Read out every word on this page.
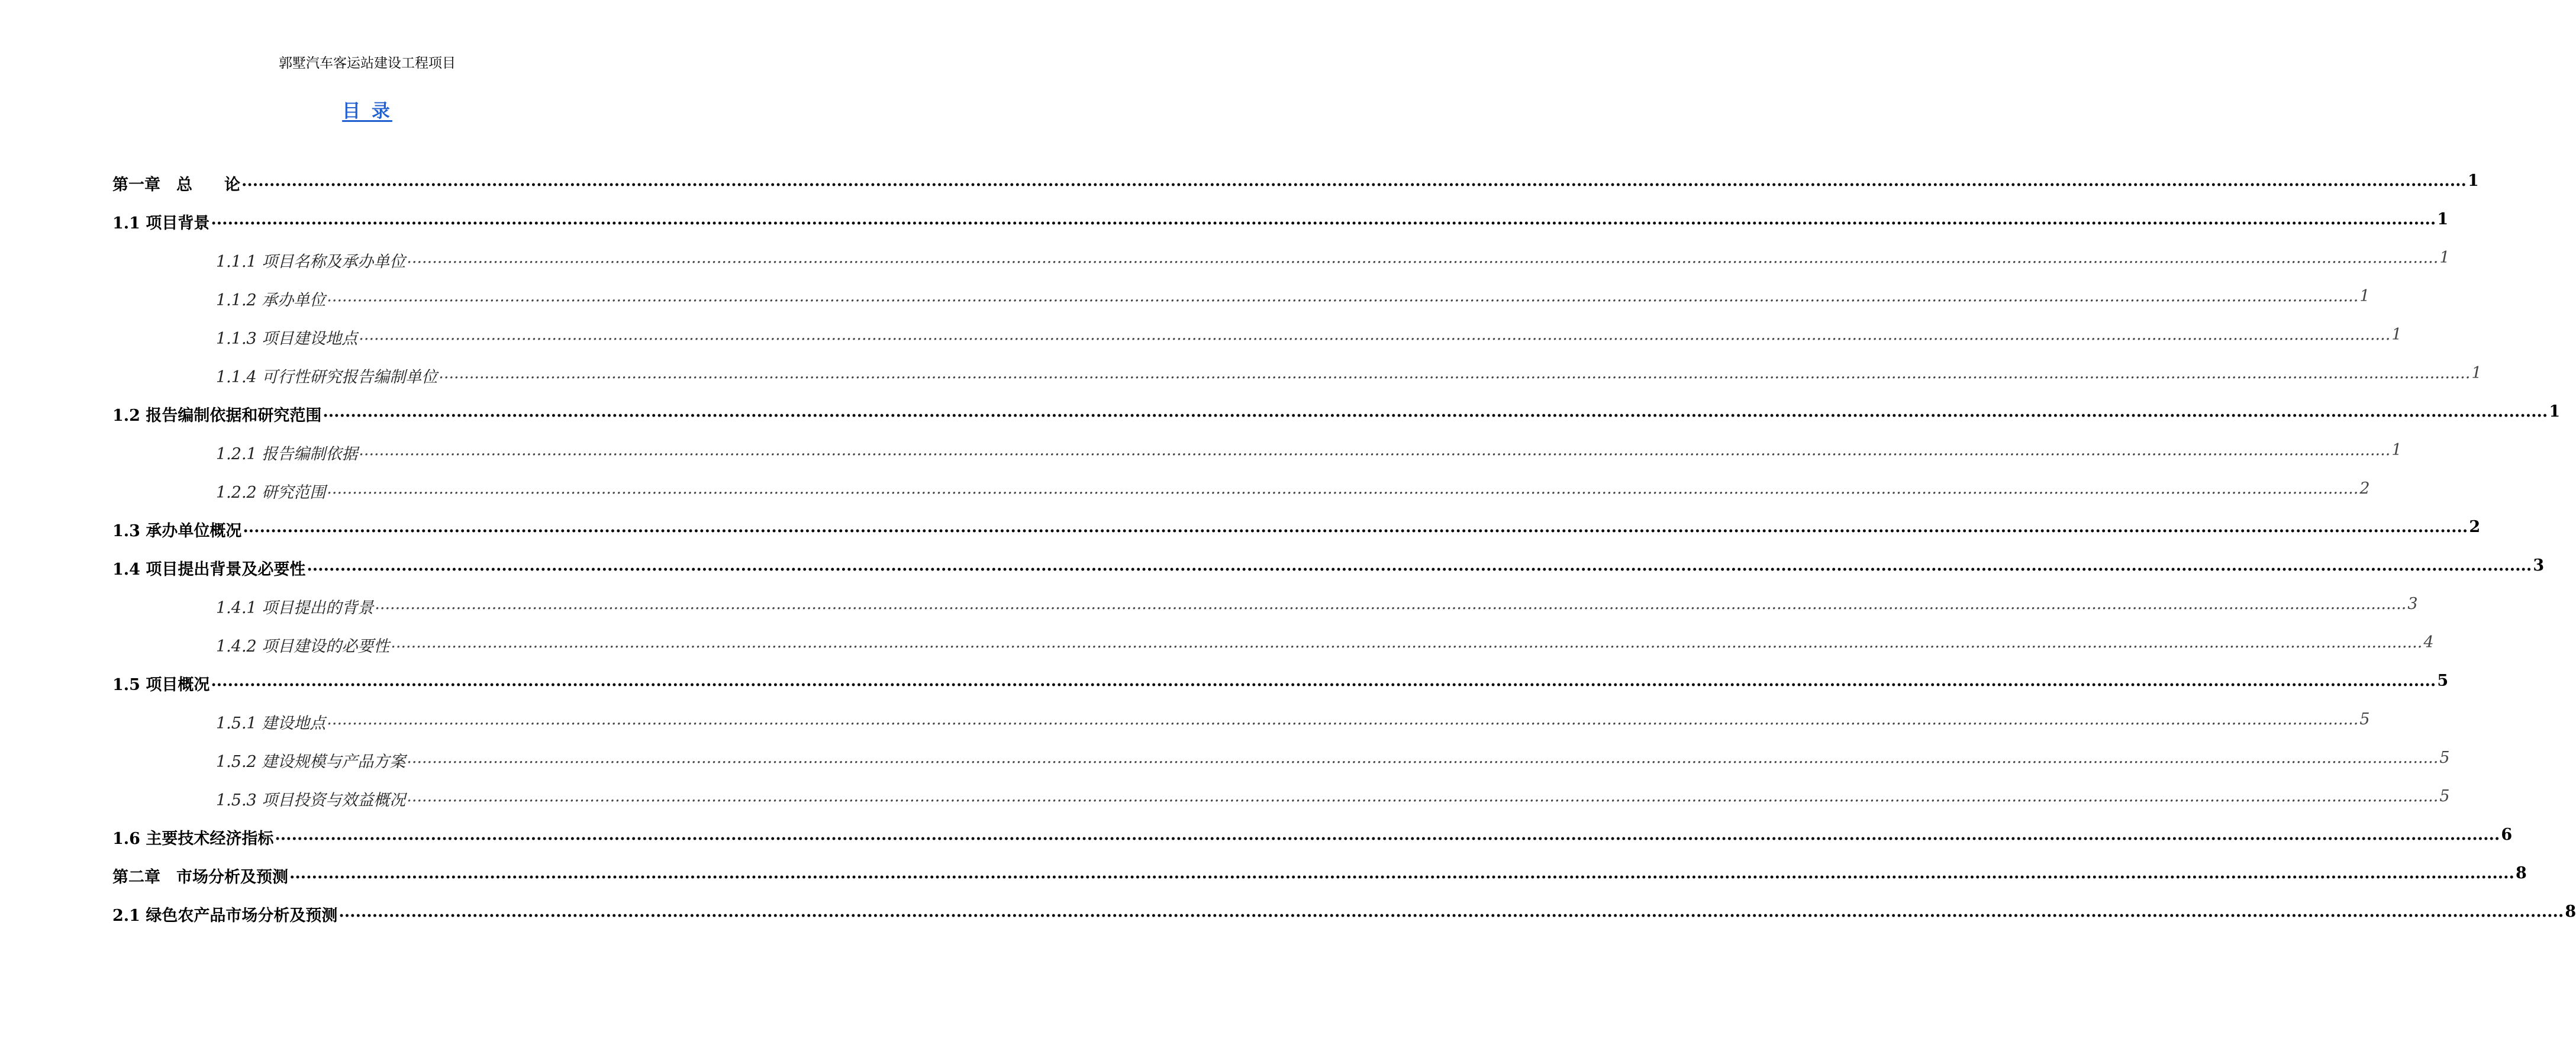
郭墅汽车客运站建设工程项目
目 录
第一章　总　　论 ................................................................................................................................................................................................................................................................................................................................................................................................................ 1
1.1 项目背景 ................................................................................................................................................................................................................................................................................................................................................................................................................ 1
1.1.1 项目名称及承办单位 ................................................................................................................................................................................................................................................................................................................................................................................................................ 1
1.1.2 承办单位 ................................................................................................................................................................................................................................................................................................................................................................................................................ 1
1.1.3 项目建设地点 ................................................................................................................................................................................................................................................................................................................................................................................................................ 1
1.1.4 可行性研究报告编制单位 ................................................................................................................................................................................................................................................................................................................................................................................................................ 1
1.2 报告编制依据和研究范围 ................................................................................................................................................................................................................................................................................................................................................................................................................ 1
1.2.1 报告编制依据 ................................................................................................................................................................................................................................................................................................................................................................................................................ 1
1.2.2 研究范围 ................................................................................................................................................................................................................................................................................................................................................................................................................ 2
1.3 承办单位概况 ................................................................................................................................................................................................................................................................................................................................................................................................................ 2
1.4 项目提出背景及必要性 ................................................................................................................................................................................................................................................................................................................................................................................................................ 3
1.4.1 项目提出的背景 ................................................................................................................................................................................................................................................................................................................................................................................................................ 3
1.4.2 项目建设的必要性 ................................................................................................................................................................................................................................................................................................................................................................................................................ 4
1.5 项目概况 ................................................................................................................................................................................................................................................................................................................................................................................................................ 5
1.5.1 建设地点 ................................................................................................................................................................................................................................................................................................................................................................................................................ 5
1.5.2 建设规模与产品方案 ................................................................................................................................................................................................................................................................................................................................................................................................................ 5
1.5.3 项目投资与效益概况 ................................................................................................................................................................................................................................................................................................................................................................................................................ 5
1.6 主要技术经济指标 ................................................................................................................................................................................................................................................................................................................................................................................................................ 6
第二章　市场分析及预测 ................................................................................................................................................................................................................................................................................................................................................................................................................ 8
2.1 绿色农产品市场分析及预测 ................................................................................................................................................................................................................................................................................................................................................................................................................ 8
